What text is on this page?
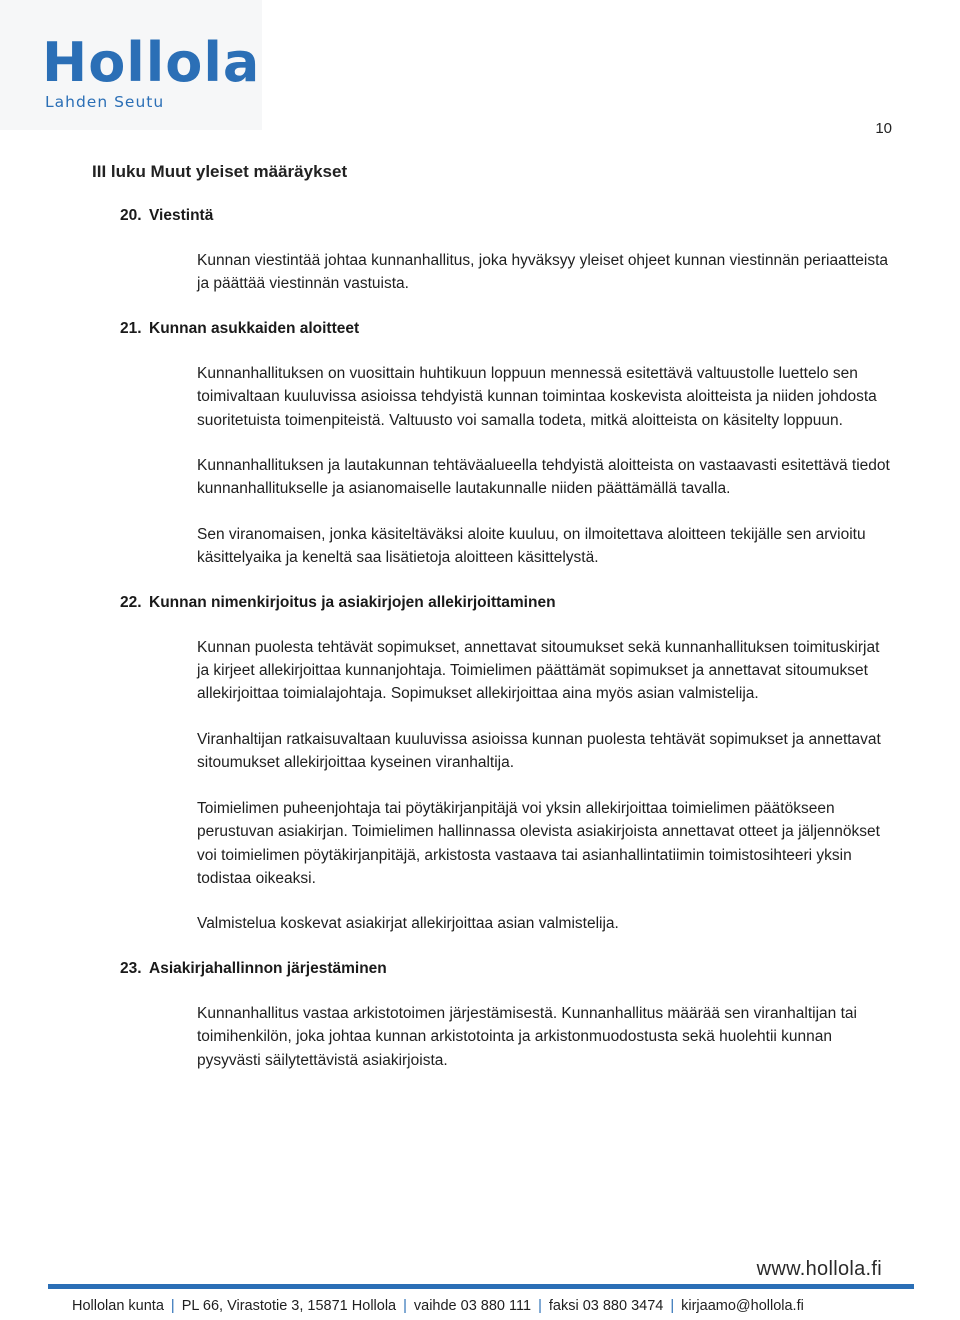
Hollola
Lahden Seutu
10
III luku Muut yleiset määräykset
20. Viestintä

Kunnan viestintää johtaa kunnanhallitus, joka hyväksyy yleiset ohjeet kunnan viestinnän periaatteista ja päättää viestinnän vastuista.

21. Kunnan asukkaiden aloitteet

Kunnanhallituksen on vuosittain huhtikuun loppuun mennessä esitettävä valtuustolle luettelo sen toimivaltaan kuuluvissa asioissa tehdyistä kunnan toimintaa koskevista aloitteista ja niiden johdosta suoritetuista toimenpiteistä. Valtuusto voi samalla todeta, mitkä aloitteista on käsitelty loppuun.

Kunnanhallituksen ja lautakunnan tehtäväalueella tehdyistä aloitteista on vastaavasti esitettävä tiedot kunnanhallitukselle ja asianomaiselle lautakunnalle niiden päättämällä tavalla.

Sen viranomaisen, jonka käsiteltäväksi aloite kuuluu, on ilmoitettava aloitteen tekijälle sen arvioitu käsittelyaika ja keneltä saa lisätietoja aloitteen käsittelystä.

22. Kunnan nimenkirjoitus ja asiakirjojen allekirjoittaminen

Kunnan puolesta tehtävät sopimukset, annettavat sitoumukset sekä kunnanhallituksen toimituskirjat ja kirjeet allekirjoittaa kunnanjohtaja. Toimielimen päättämät sopimukset ja annettavat sitoumukset allekirjoittaa toimialajohtaja. Sopimukset allekirjoittaa aina myös asian valmistelija.

Viranhaltijan ratkaisuvaltaan kuuluvissa asioissa kunnan puolesta tehtävät sopimukset ja annettavat sitoumukset allekirjoittaa kyseinen viranhaltija.

Toimielimen puheenjohtaja tai pöytäkirjanpitäjä voi yksin allekirjoittaa toimielimen päätökseen perustuvan asiakirjan. Toimielimen hallinnassa olevista asiakirjoista annettavat otteet ja jäljennökset voi toimielimen pöytäkirjanpitäjä, arkistosta vastaava tai asianhallintatiimin toimistosihteeri yksin todistaa oikeaksi.

Valmistelua koskevat asiakirjat allekirjoittaa asian valmistelija.

23. Asiakirjahallinnon järjestäminen

Kunnanhallitus vastaa arkistotoimen järjestämisestä. Kunnanhallitus määrää sen viranhaltijan tai toimihenkilön, joka johtaa kunnan arkistotointa ja arkistonmuodostusta sekä huolehtii kunnan pysyvästi säilytettävistä asiakirjoista.

www.hollola.fi
Hollolan kunta | PL 66, Virastotie 3, 15871 Hollola | vaihde 03 880 111 | faksi 03 880 3474 | kirjaamo@hollola.fi
